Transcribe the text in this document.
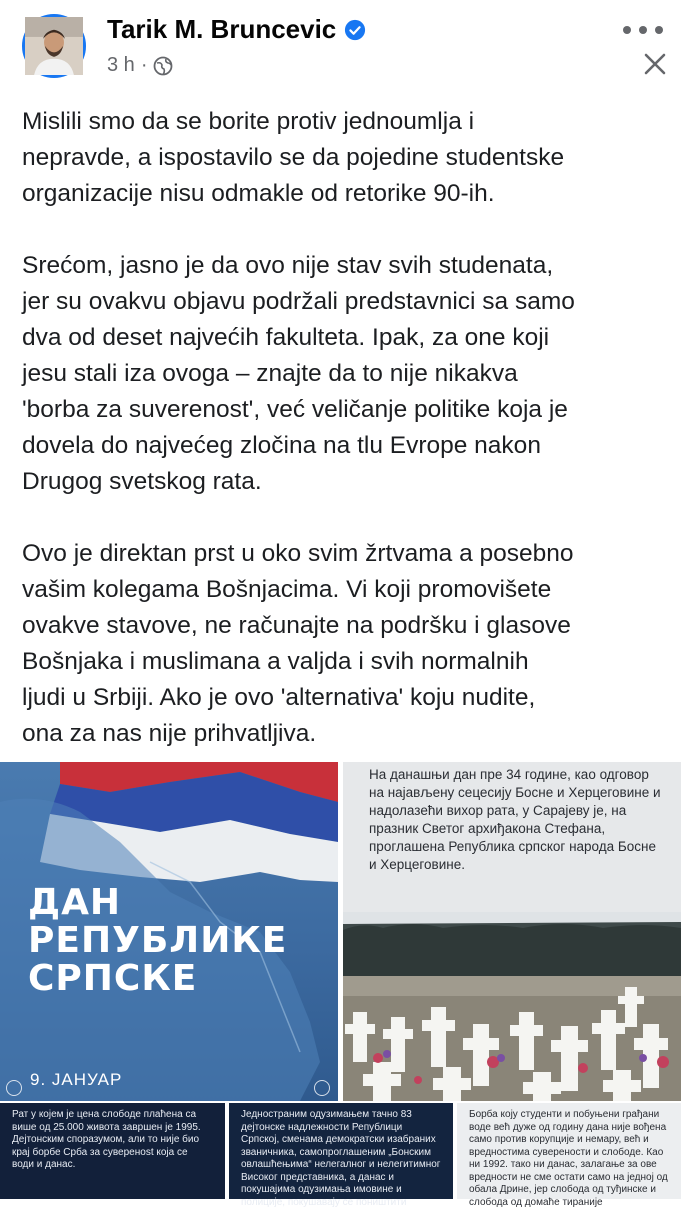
Tarik M. Bruncevic
3 h ·

Mislili smo da se borite protiv jednoumlja i
nepravde, a ispostavilo se da pojedine studentske
organizacije nisu odmakle od retorike 90-ih.

Srećom, jasno je da ovo nije stav svih studenata,
jer su ovakvu objavu podržali predstavnici sa samo
dva od deset najvećih fakulteta. Ipak, za one koji
jesu stali iza ovoga – znajte da to nije nikakva
'borba za suverenost', već veličanje politike koja je
dovela do najvećeg zločina na tlu Evrope nakon
Drugog svetskog rata.

Ovo je direktan prst u oko svim žrtvama a posebno
vašim kolegama Bošnjacima. Vi koji promovišete
ovakve stavove, ne računajte na podršku i glasove
Bošnjaka i muslimana a valjda i svih normalnih
ljudi u Srbiji. Ako je ovo 'alternativa' koju nudite,
ona za nas nije prihvatljiva.

ДАН
РЕПУБЛИКЕ
СРПСКЕ
9. ЈАНУАР
На данашњи дан пре 34 године, као одговор на најављену сецесију Босне и Херцеговине и надолазећи вихор рата, у Сарајеву је, на празник Светог архиђакона Стефана, проглашена Република српског народа Босне и Херцеговине.
Рат у којем је цена слободе плаћена са више од 25.000 живота завршен је 1995. Дејтонским споразумом, али то није био крај борбе Срба за суверенost која се води и данас.
Једностраним одузимањем тачно 83 дејтонске надлежности Републици Српској, сменама демократски изабраних званичника, самопроглашеним „Бонским овлашћењима“ нелегалног и нелегитимног Високог представника, а данас и покушајима одузимања имовине и полиције, покушавају се поништити
Борба коју студенти и побуњени грађани воде већ дуже од годину дана није вођена само против корупције и немару, већ и вредностима суверености и слободе. Као ни 1992. тако ни данас, залагање за ове вредности не сме остати само на једној од обала Дрине, јер слобода од туђинске и слобода од домаће тираније
